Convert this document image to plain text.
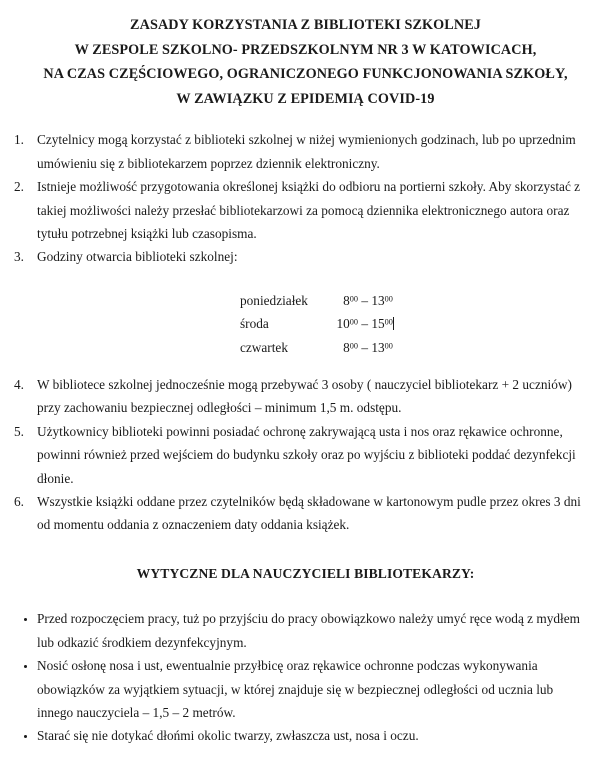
ZASADY KORZYSTANIA Z BIBLIOTEKI SZKOLNEJ
W ZESPOLE SZKOLNO- PRZEDSZKOLNYM NR 3 W KATOWICACH,
NA CZAS CZĘŚCIOWEGO, OGRANICZONEGO FUNKCJONOWANIA SZKOŁY,
W ZAWIĄZKU Z EPIDEMIĄ COVID-19
1. Czytelnicy mogą korzystać z biblioteki szkolnej w niżej wymienionych godzinach, lub po uprzednim umówieniu się z bibliotekarzem poprzez dziennik elektroniczny.
2. Istnieje możliwość przygotowania określonej książki do odbioru na portierni szkoły. Aby skorzystać z takiej możliwości należy przesłać bibliotekarzowi za pomocą dziennika elektronicznego autora oraz tytułu potrzebnej książki lub czasopisma.
3. Godziny otwarcia biblioteki szkolnej:
poniedziałek	$8^{00} - 13^{00}$
środa	$10^{00} - 15^{00}$
czwartek	$8^{00} - 13^{00}$
4. W bibliotece szkolnej jednocześnie mogą przebywać 3 osoby ( nauczyciel bibliotekarz + 2 uczniów) przy zachowaniu bezpiecznej odległości – minimum 1,5 m. odstępu.
5. Użytkownicy biblioteki powinni posiadać ochronę zakrywającą usta i nos oraz rękawice ochronne, powinni również przed wejściem do budynku szkoły oraz po wyjściu z biblioteki poddać dezynfekcji dłonie.
6. Wszystkie książki oddane przez czytelników będą składowane w kartonowym pudle przez okres 3 dni od momentu oddania z oznaczeniem daty oddania książek.
WYTYCZNE DLA NAUCZYCIELI BIBLIOTEKARZY:
Przed rozpoczęciem pracy, tuż po przyjściu do pracy obowiązkowo należy umyć ręce wodą z mydłem lub odkazić środkiem dezynfekcyjnym.
Nosić osłonę nosa i ust, ewentualnie przyłbicę oraz rękawice ochronne podczas wykonywania obowiązków za wyjątkiem sytuacji, w której znajduje się w bezpiecznej odległości od ucznia lub innego nauczyciela – 1,5 – 2 metrów.
Starać się nie dotykać dłońmi okolic twarzy, zwłaszcza ust, nosa i oczu.
